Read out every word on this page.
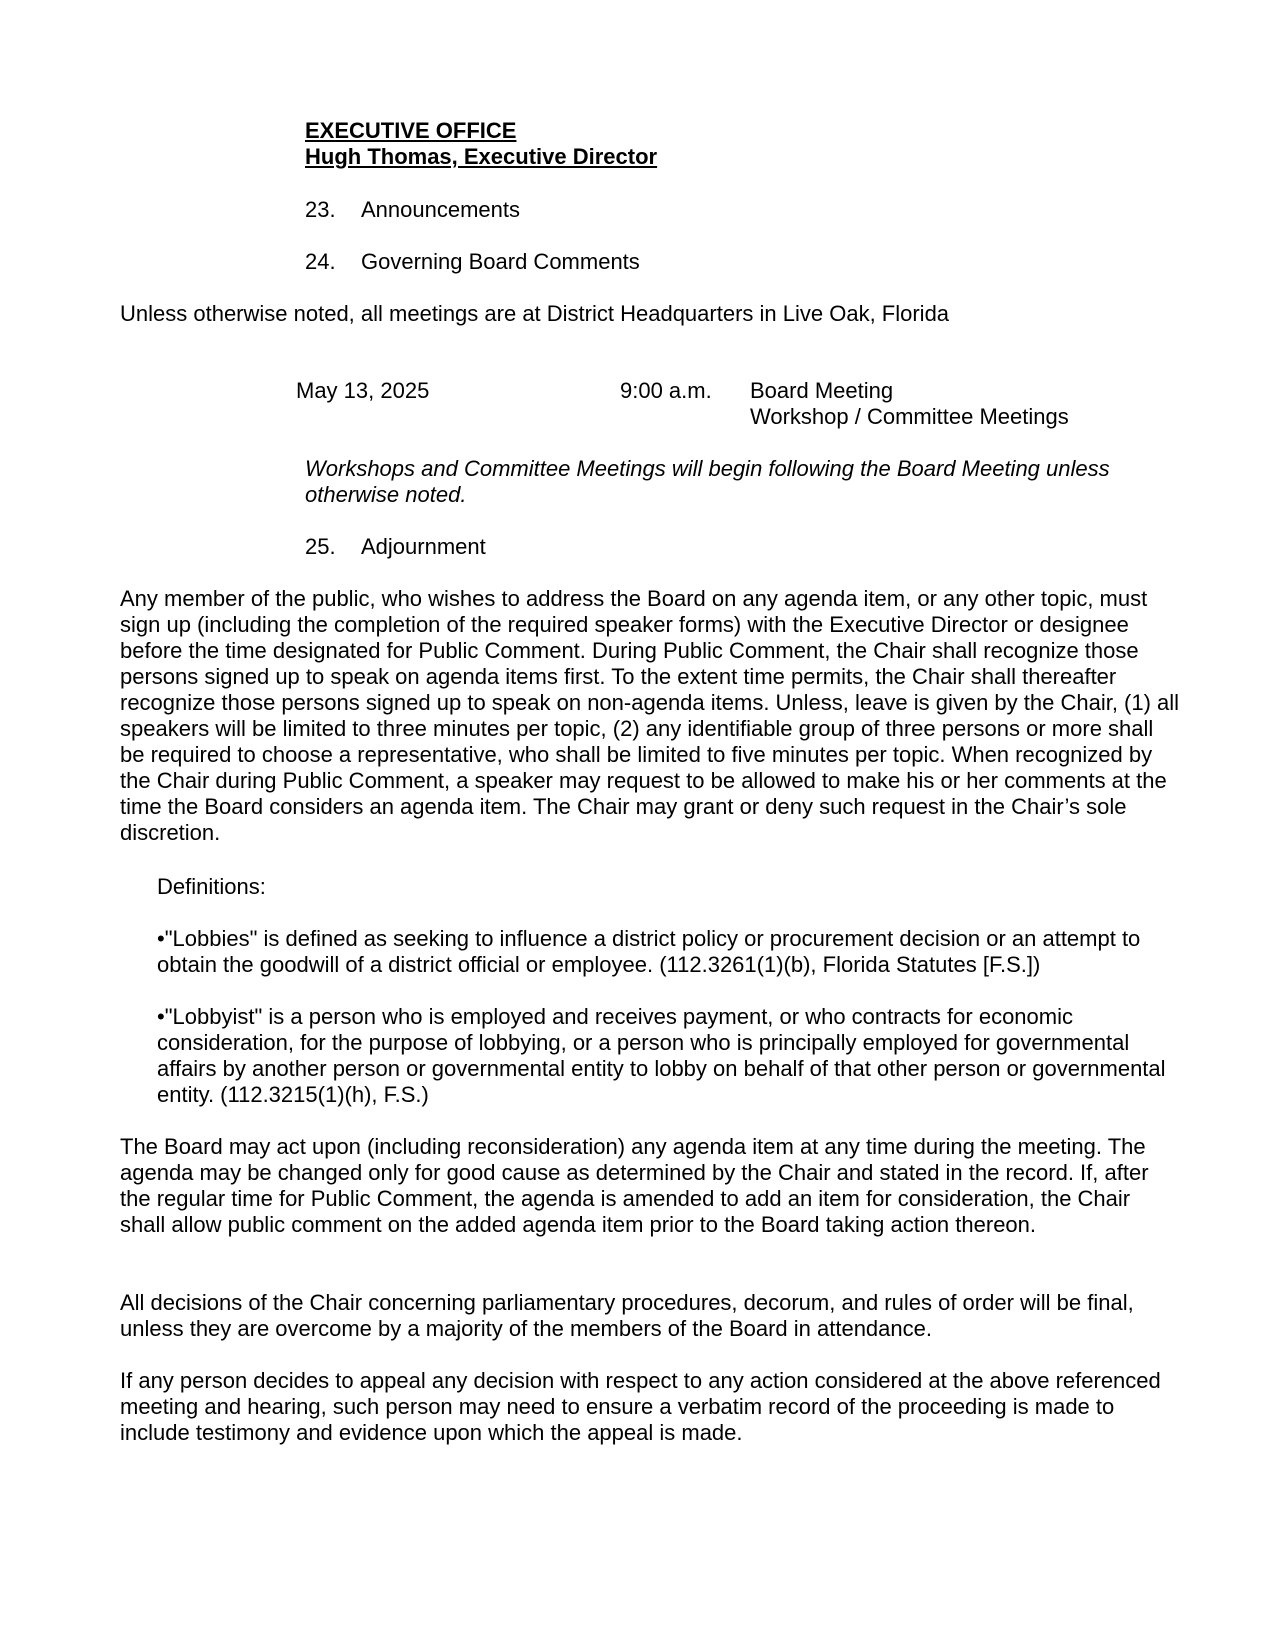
EXECUTIVE OFFICE
Hugh Thomas, Executive Director
23. Announcements
24. Governing Board Comments
Unless otherwise noted, all meetings are at District Headquarters in Live Oak, Florida
May 13, 2025	9:00 a.m. Board Meeting
Workshop / Committee Meetings
Workshops and Committee Meetings will begin following the Board Meeting unless otherwise noted.
25. Adjournment
Any member of the public, who wishes to address the Board on any agenda item, or any other topic, must sign up (including the completion of the required speaker forms) with the Executive Director or designee before the time designated for Public Comment. During Public Comment, the Chair shall recognize those persons signed up to speak on agenda items first. To the extent time permits, the Chair shall thereafter recognize those persons signed up to speak on non-agenda items. Unless, leave is given by the Chair, (1) all speakers will be limited to three minutes per topic, (2) any identifiable group of three persons or more shall be required to choose a representative, who shall be limited to five minutes per topic. When recognized by the Chair during Public Comment, a speaker may request to be allowed to make his or her comments at the time the Board considers an agenda item. The Chair may grant or deny such request in the Chair’s sole discretion.
Definitions:
•"Lobbies" is defined as seeking to influence a district policy or procurement decision or an attempt to obtain the goodwill of a district official or employee. (112.3261(1)(b), Florida Statutes [F.S.])
•"Lobbyist" is a person who is employed and receives payment, or who contracts for economic consideration, for the purpose of lobbying, or a person who is principally employed for governmental affairs by another person or governmental entity to lobby on behalf of that other person or governmental entity. (112.3215(1)(h), F.S.)
The Board may act upon (including reconsideration) any agenda item at any time during the meeting. The agenda may be changed only for good cause as determined by the Chair and stated in the record. If, after the regular time for Public Comment, the agenda is amended to add an item for consideration, the Chair shall allow public comment on the added agenda item prior to the Board taking action thereon.
All decisions of the Chair concerning parliamentary procedures, decorum, and rules of order will be final, unless they are overcome by a majority of the members of the Board in attendance.
If any person decides to appeal any decision with respect to any action considered at the above referenced meeting and hearing, such person may need to ensure a verbatim record of the proceeding is made to include testimony and evidence upon which the appeal is made.
